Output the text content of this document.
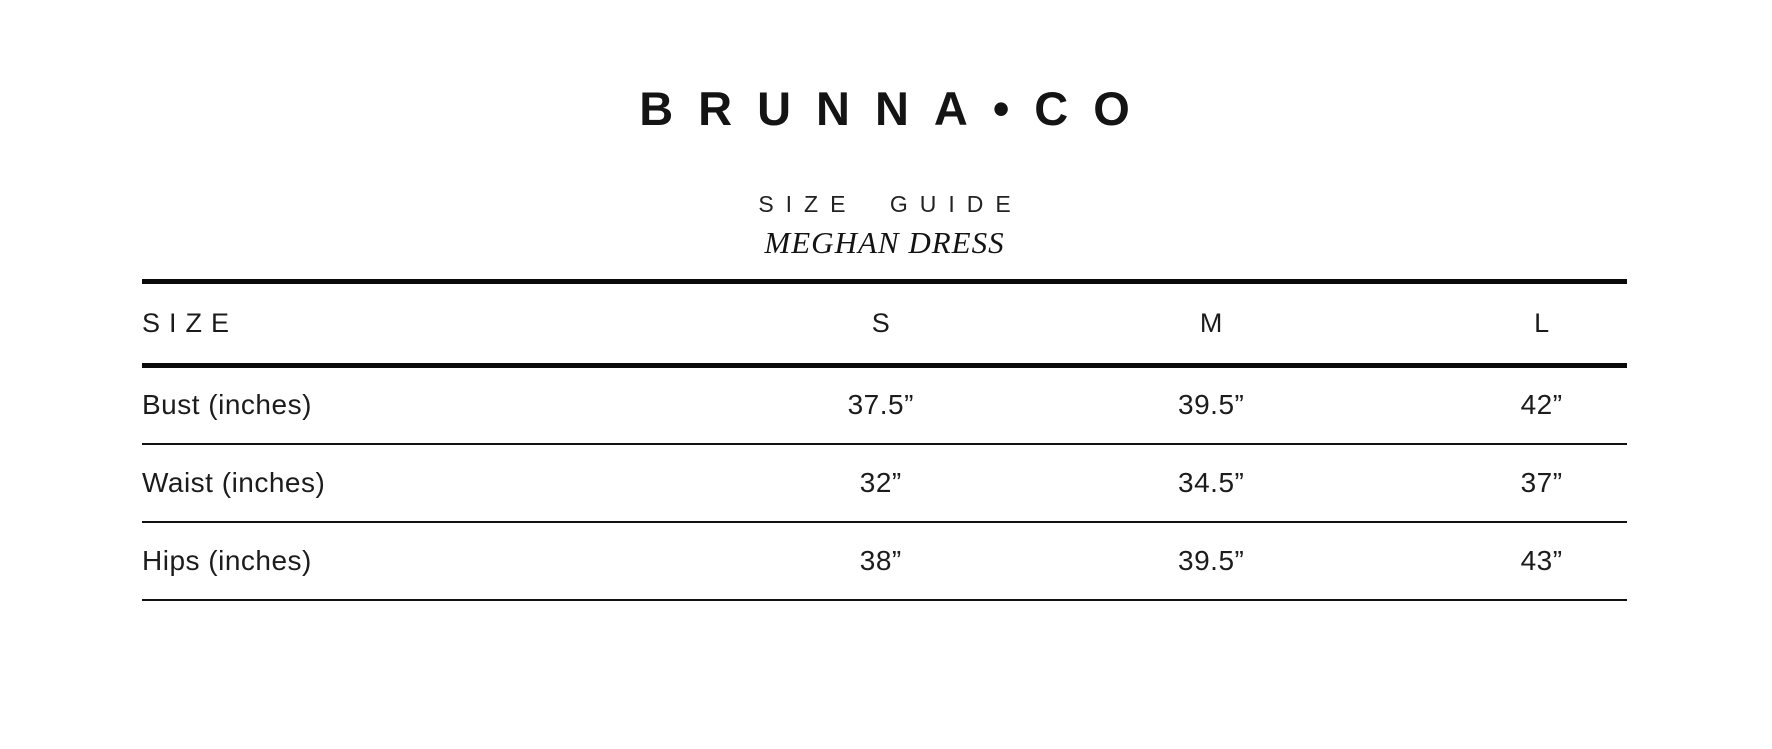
BRUNNA•CO
SIZE GUIDE
MEGHAN DRESS
SIZE	S	M	L
Bust (inches)	37.5”	39.5”	42”
Waist (inches)	32”	34.5”	37”
Hips (inches)	38”	39.5”	43”
